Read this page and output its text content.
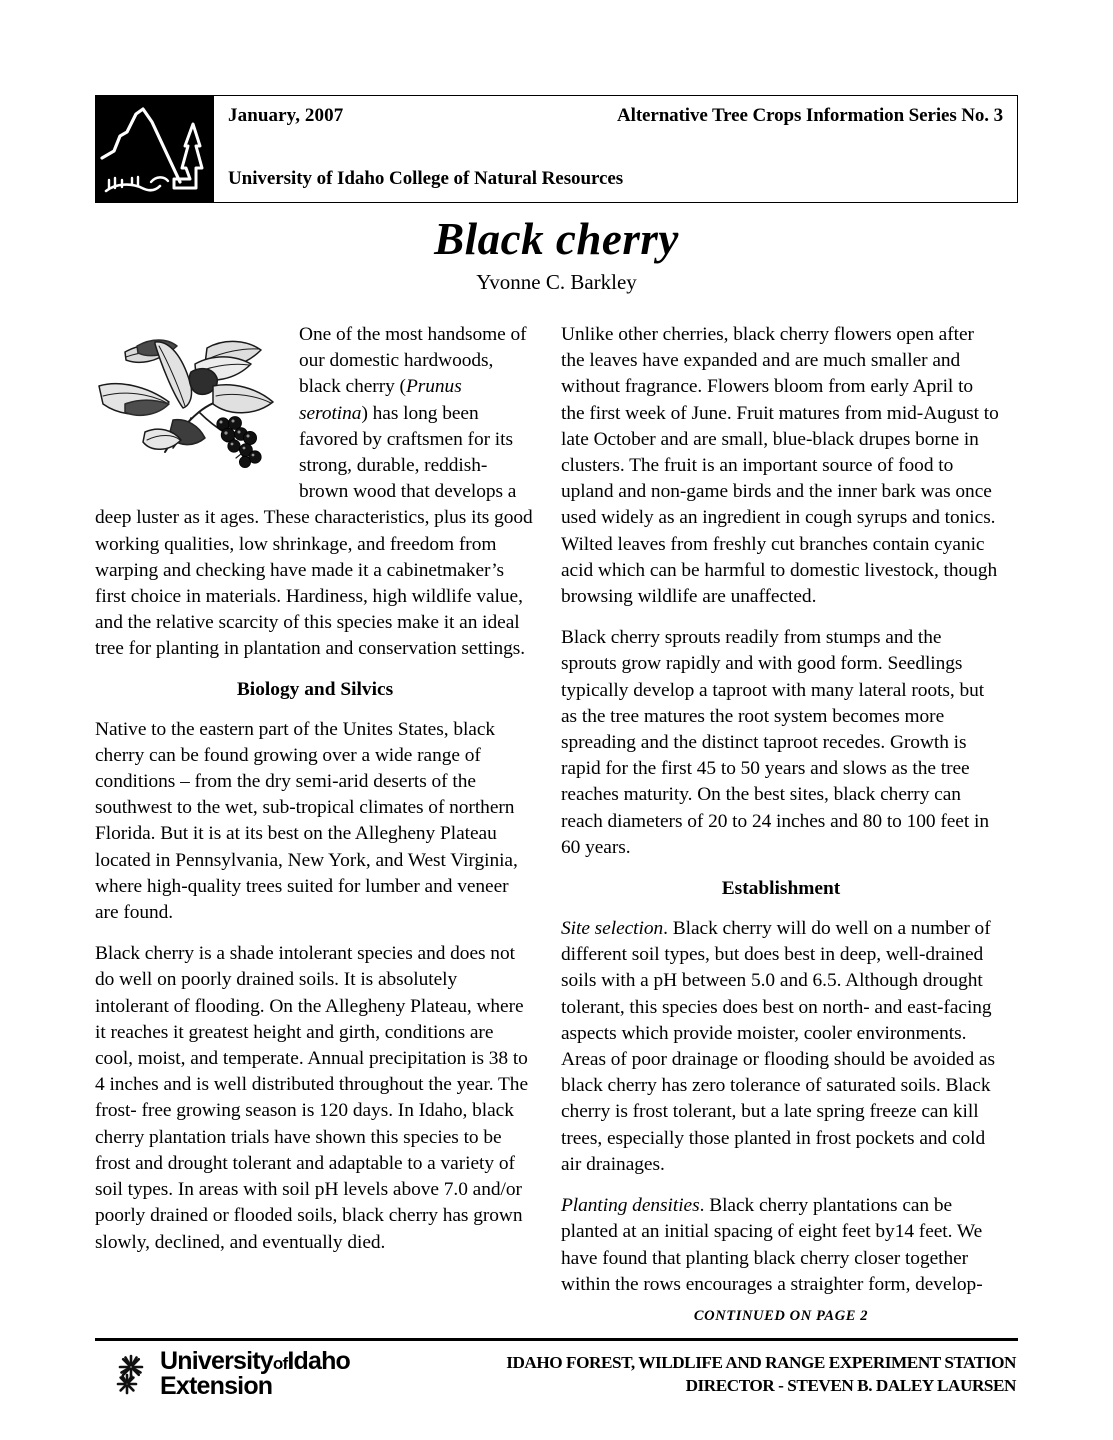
January, 2007	Alternative Tree Crops Information Series No. 3
University of Idaho College of Natural Resources
Black cherry
Yvonne C. Barkley

One of the most handsome of our domestic hardwoods, black cherry (Prunus serotina) has long been favored by craftsmen for its strong, durable, reddish-brown wood that develops a deep luster as it ages. These characteristics, plus its good working qualities, low shrinkage, and freedom from warping and checking have made it a cabinetmaker’s first choice in materials. Hardiness, high wildlife value, and the relative scarcity of this species make it an ideal tree for planting in plantation and conservation settings.

Biology and Silvics

Native to the eastern part of the Unites States, black cherry can be found growing over a wide range of conditions – from the dry semi-arid deserts of the southwest to the wet, sub-tropical climates of northern Florida. But it is at its best on the Allegheny Plateau located in Pennsylvania, New York, and West Virginia, where high-quality trees suited for lumber and veneer are found.

Black cherry is a shade intolerant species and does not do well on poorly drained soils. It is absolutely intolerant of flooding. On the Allegheny Plateau, where it reaches it greatest height and girth, conditions are cool, moist, and temperate. Annual precipitation is 38 to 4 inches and is well distributed throughout the year. The frost- free growing season is 120 days. In Idaho, black cherry plantation trials have shown this species to be frost and drought tolerant and adaptable to a variety of soil types. In areas with soil pH levels above 7.0 and/or poorly drained or flooded soils, black cherry has grown slowly, declined, and eventually died.

Unlike other cherries, black cherry flowers open after the leaves have expanded and are much smaller and without fragrance. Flowers bloom from early April to the first week of June. Fruit matures from mid-August to late October and are small, blue-black drupes borne in clusters. The fruit is an important source of food to upland and non-game birds and the inner bark was once used widely as an ingredient in cough syrups and tonics. Wilted leaves from freshly cut branches contain cyanic acid which can be harmful to domestic livestock, though browsing wildlife are unaffected.

Black cherry sprouts readily from stumps and the sprouts grow rapidly and with good form. Seedlings typically develop a taproot with many lateral roots, but as the tree matures the root system becomes more spreading and the distinct taproot recedes. Growth is rapid for the first 45 to 50 years and slows as the tree reaches maturity. On the best sites, black cherry can reach diameters of 20 to 24 inches and 80 to 100 feet in 60 years.

Establishment

Site selection. Black cherry will do well on a number of different soil types, but does best in deep, well-drained soils with a pH between 5.0 and 6.5. Although drought tolerant, this species does best on north- and east-facing aspects which provide moister, cooler environments. Areas of poor drainage or flooding should be avoided as black cherry has zero tolerance of saturated soils. Black cherry is frost tolerant, but a late spring freeze can kill trees, especially those planted in frost pockets and cold air drainages.

Planting densities. Black cherry plantations can be planted at an initial spacing of eight feet by14 feet. We have found that planting black cherry closer together within the rows encourages a straighter form, develop-

CONTINUED ON PAGE 2
UniversityofIdaho
Extension
IDAHO FOREST, WILDLIFE AND RANGE EXPERIMENT STATION
DIRECTOR - STEVEN B. DALEY LAURSEN
